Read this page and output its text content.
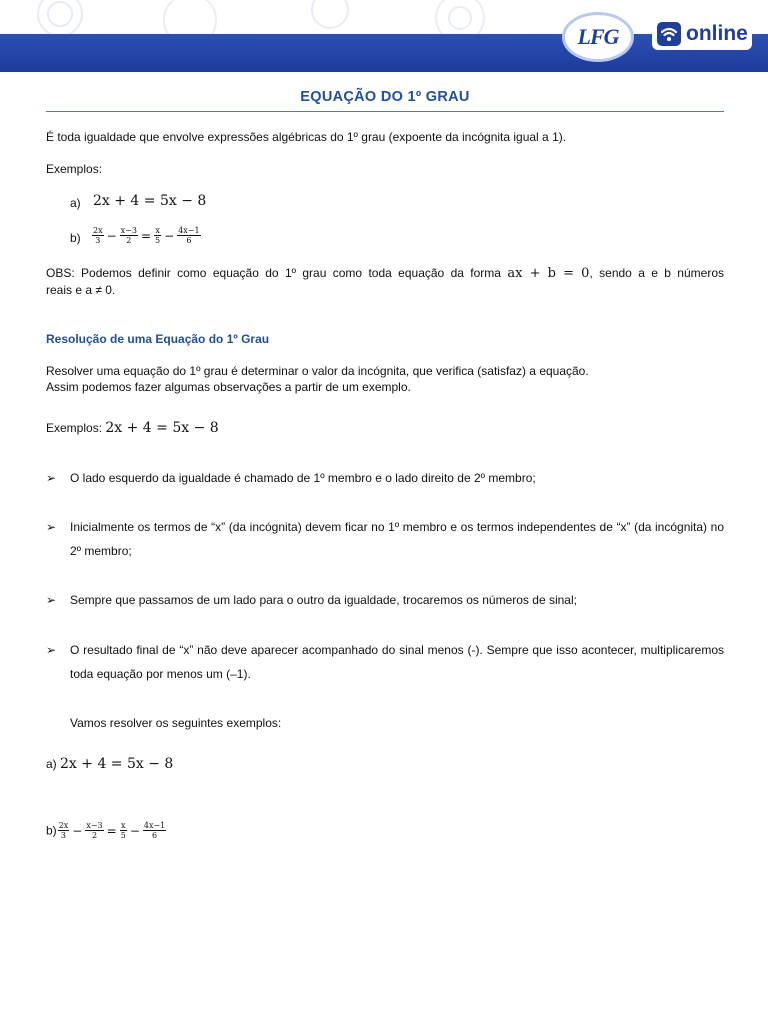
LFG	online
EQUAÇÃO DO 1º GRAU

É toda igualdade que envolve expressões algébricas do 1º grau (expoente da incógnita igual a 1).

Exemplos:

a) 2x + 4 = 5x − 8

$b) \frac{2x}{3} - \frac{x-3}{2} = \frac{x}{5} - \frac{4x-1}{6}$

OBS: Podemos definir como equação do 1º grau como toda equação da forma ax + b = 0, sendo a e b números

reais e a ≠ 0.

Resolução de uma Equação do 1º Grau

Resolver uma equação do 1º grau é determinar o valor da incógnita, que verifica (satisfaz) a equação.

Assim podemos fazer algumas observações a partir de um exemplo.

Exemplos: 2x + 4 = 5x − 8

➢ O lado esquerdo da igualdade é chamado de 1º membro e o lado direito de 2º membro;

➢ Inicialmente os termos de “x” (da incógnita) devem ficar no 1º membro e os termos independentes de “x” (da incógnita) no 2º membro;

➢ Sempre que passamos de um lado para o outro da igualdade, trocaremos os números de sinal;

➢ O resultado final de “x” não deve aparecer acompanhado do sinal menos (-). Sempre que isso acontecer, multiplicaremos toda equação por menos um (–1).

Vamos resolver os seguintes exemplos:

a) 2x + 4 = 5x − 8

$b) \frac{2x}{3} - \frac{x-3}{2} = \frac{x}{5} - \frac{4x-1}{6}$
